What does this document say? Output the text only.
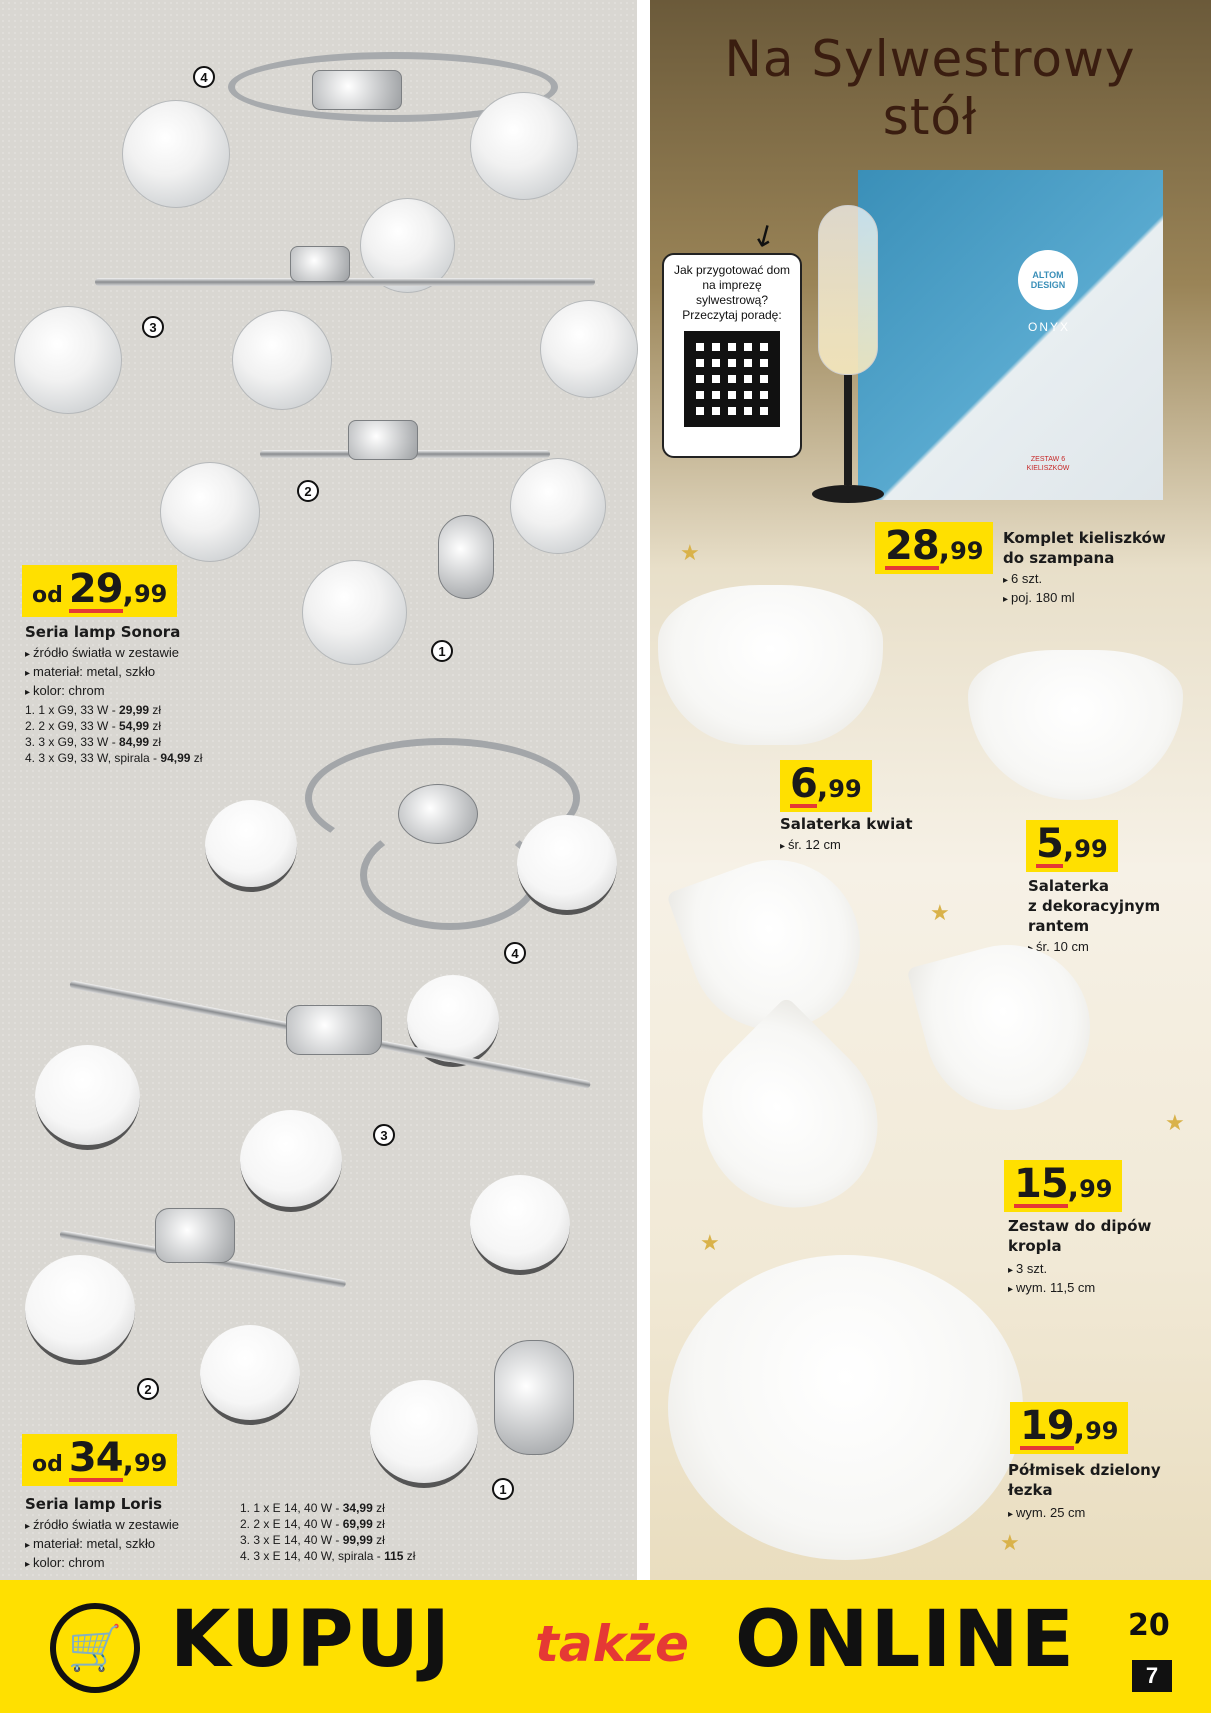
4
3
2
1
od 29 , 99
Seria lamp Sonora
▸ źródło światła w zestawie
▸ materiał: metal, szkło
▸ kolor: chrom
1. 1 x G9, 33 W - 29,99 zł
2. 2 x G9, 33 W - 54,99 zł
3. 3 x G9, 33 W - 84,99 zł
4. 3 x G9, 33 W, spirala - 94,99 zł
4
3
2
1
od 34 , 99
Seria lamp Loris
▸ źródło światła w zestawie
▸ materiał: metal, szkło
▸ kolor: chrom
1. 1 x E 14, 40 W - 34,99 zł
2. 2 x E 14, 40 W - 69,99 zł
3. 3 x E 14, 40 W - 99,99 zł
4. 3 x E 14, 40 W, spirala - 115 zł
Na Sylwestrowy stół
ALTOM DESIGN
ONYX
ZESTAW 6 KIELISZKÓW
Jak przygotować dom na imprezę sylwestrową? Przeczytaj poradę:
↙
28 , 99 Komplet kieliszków
do szampana
▸ 6 szt.
▸ poj. 180 ml
6 , 99
Salaterka kwiat
▸ śr. 12 cm	5 , 99
Salaterka
z dekoracyjnym
rantem
▸ śr. 10 cm
15 , 99
Zestaw do dipów
kropla
▸ 3 szt.
▸ wym. 11,5 cm
19 , 99
Półmisek dzielony
łezka
▸ wym. 25 cm
★
★
★
★
★
🛒 KUPUJ także ONLINE 20
7
